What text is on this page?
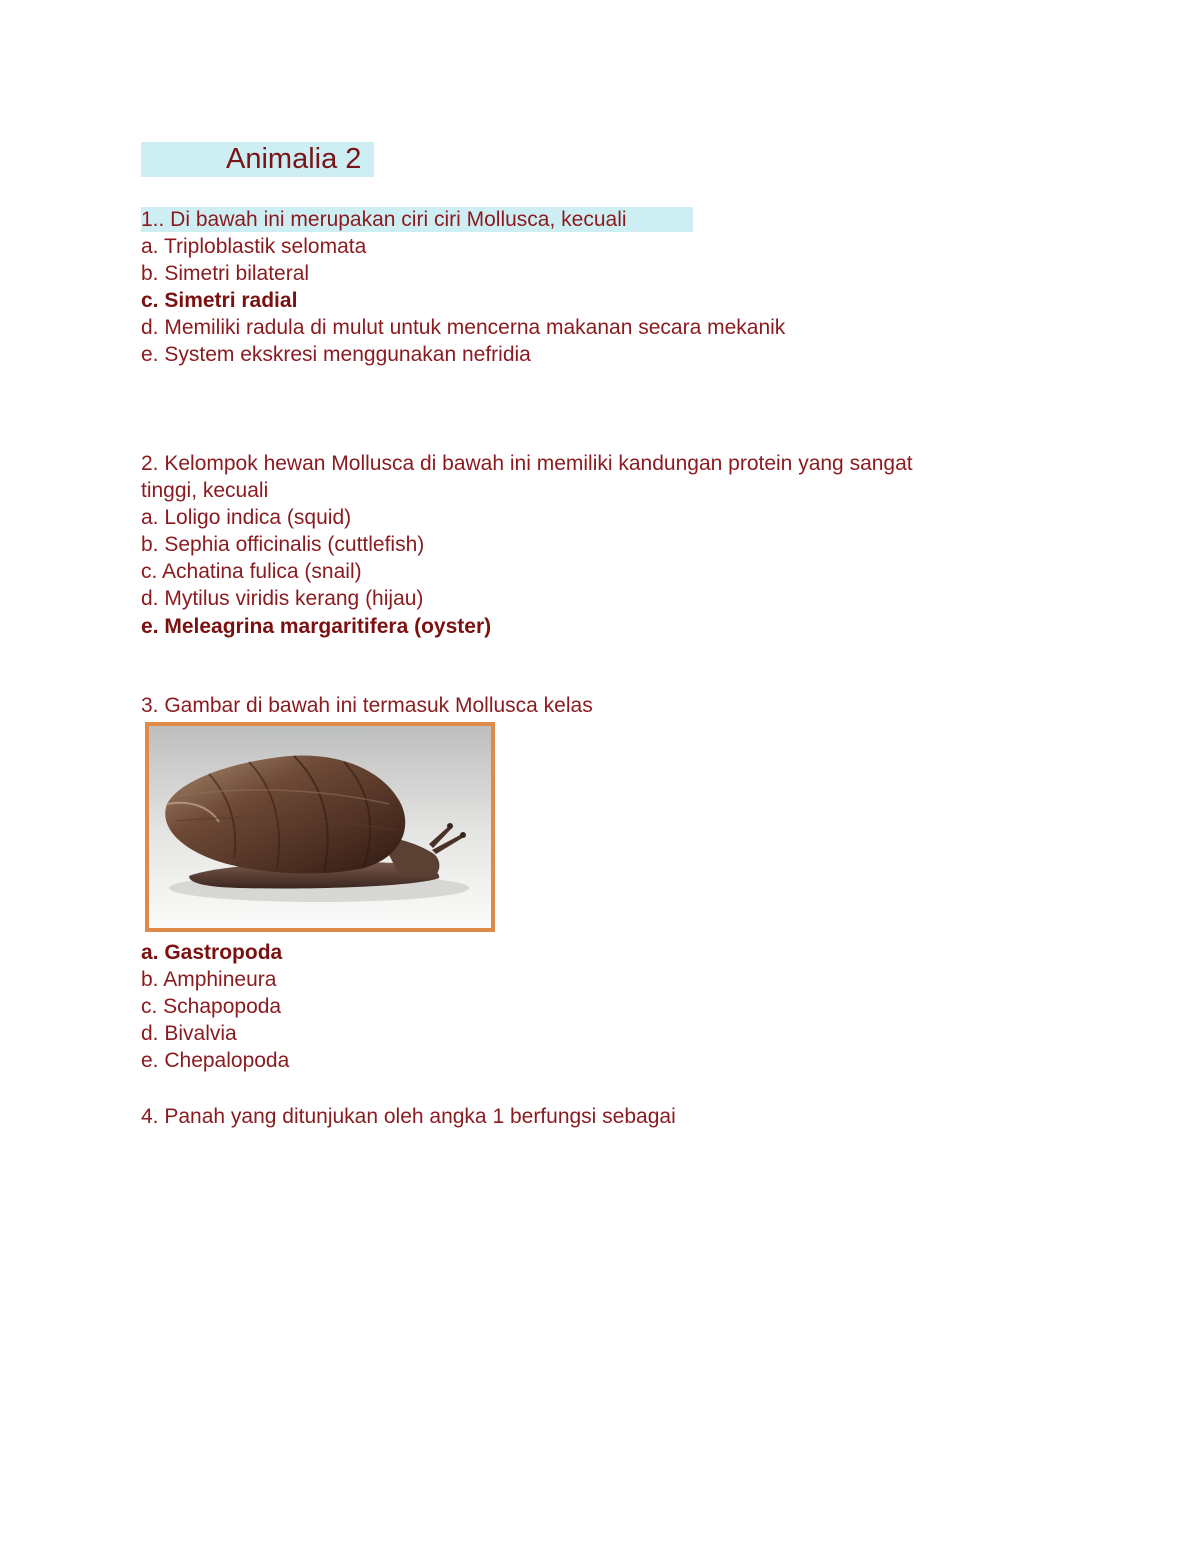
Animalia 2
1.. Di bawah ini merupakan ciri ciri Mollusca, kecuali
a. Triploblastik selomata
b. Simetri bilateral
c. Simetri radial
d. Memiliki radula di mulut untuk mencerna makanan secara mekanik
e. System ekskresi menggunakan nefridia
2. Kelompok hewan Mollusca di bawah ini memiliki kandungan protein yang sangat
tinggi, kecuali
a. Loligo indica (squid)
b. Sephia officinalis (cuttlefish)
c. Achatina fulica (snail)
d. Mytilus viridis kerang (hijau)
e. Meleagrina margaritifera (oyster)
3. Gambar di bawah ini termasuk Mollusca kelas
a. Gastropoda
b. Amphineura
c. Schapopoda
d. Bivalvia
e. Chepalopoda
4. Panah yang ditunjukan oleh angka 1 berfungsi sebagai
